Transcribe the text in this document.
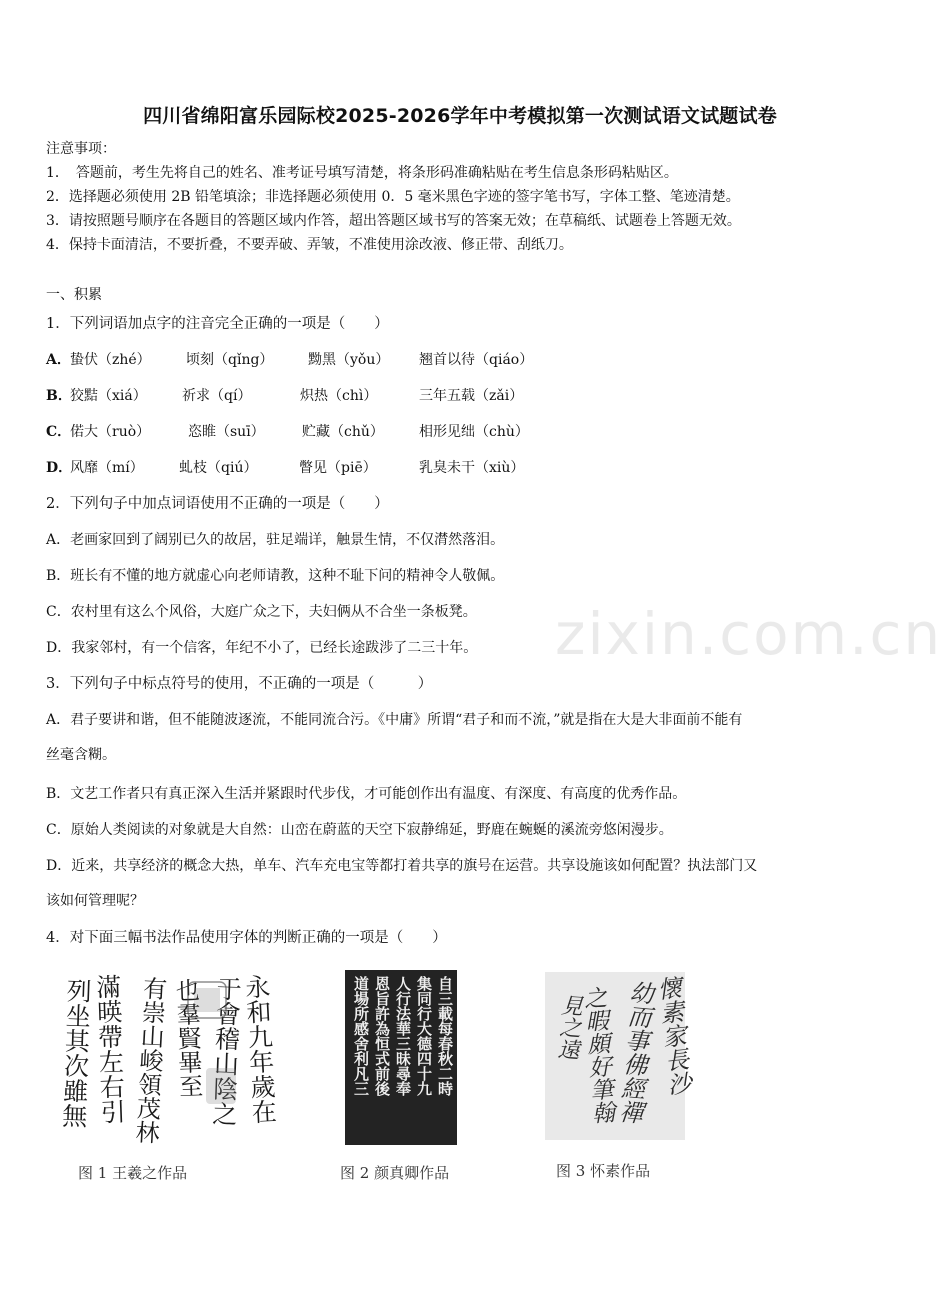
四川省绵阳富乐园际校2025-2026学年中考模拟第一次测试语文试题试卷
注意事项：
1．　答题前，考生先将自己的姓名、准考证号填写清楚，将条形码准确粘贴在考生信息条形码粘贴区。
2．选择题必须使用 2B 铅笔填涂；非选择题必须使用 0．5 毫米黑色字迹的签字笔书写，字体工整、笔迹清楚。
3．请按照题号顺序在各题目的答题区域内作答，超出答题区域书写的答案无效；在草稿纸、试题卷上答题无效。
4．保持卡面清洁，不要折叠，不要弄破、弄皱，不准使用涂改液、修正带、刮纸刀。
一、积累
1．下列词语加点字的注音完全正确的一项是（　　）
A． 蛰伏（zhé）	顷刻（qǐng） 黝黑（yǒu） 翘首以待（qiáo）
B．
狡黠（xiá）	祈求（qí）	炽热（chì）	三年五载（zǎi）
C．
偌大（ruò）	恣睢（suī）	贮藏（chǔ）	相形见绌（chù）
D．
风靡（mí）	虬枝（qiú）	瞥见（piē）	乳臭未干（xiù）
2．下列句子中加点词语使用不正确的一项是（　　）
A．老画家回到了阔别已久的故居，驻足端详，触景生情，不仅潸然落泪。
B．班长有不懂的地方就虚心向老师请教，这种不耻下问的精神令人敬佩。
C．农村里有这么个风俗，大庭广众之下，夫妇俩从不合坐一条板凳。
D．我家邻村，有一个信客，年纪不小了，已经长途跋涉了二三十年。 zixin.com.cn
3．下列句子中标点符号的使用，不正确的一项是（　　　）
A．君子要讲和谐，但不能随波逐流，不能同流合污。《中庸》所谓“君子和而不流，”就是指在大是大非面前不能有
丝毫含糊。
B．文艺工作者只有真正深入生活并紧跟时代步伐，才可能创作出有温度、有深度、有高度的优秀作品。
C．原始人类阅读的对象就是大自然：山峦在蔚蓝的天空下寂静绵延，野鹿在蜿蜒的溪流旁悠闲漫步。
D．近来，共享经济的概念大热，单车、汽车充电宝等都打着共享的旗号在运营。共享设施该如何配置？执法部门又
该如何管理呢？
4．对下面三幅书法作品使用字体的判断正确的一项是（　　）
永和九年歲在
于會稽山陰之
也羣賢畢至
有崇山峻領茂林
滿暎帶左右引
列坐其次雖無
图 1 王羲之作品
自三載每春秋二時
集同行大德四十九
人行法華三昧尋奉
恩旨許為恒式前後
道場所感舍利凡三
图 2 颜真卿作品
懷素家長沙
幼而事佛經禪
之暇頗好筆翰
見之遠
图 3 怀素作品
